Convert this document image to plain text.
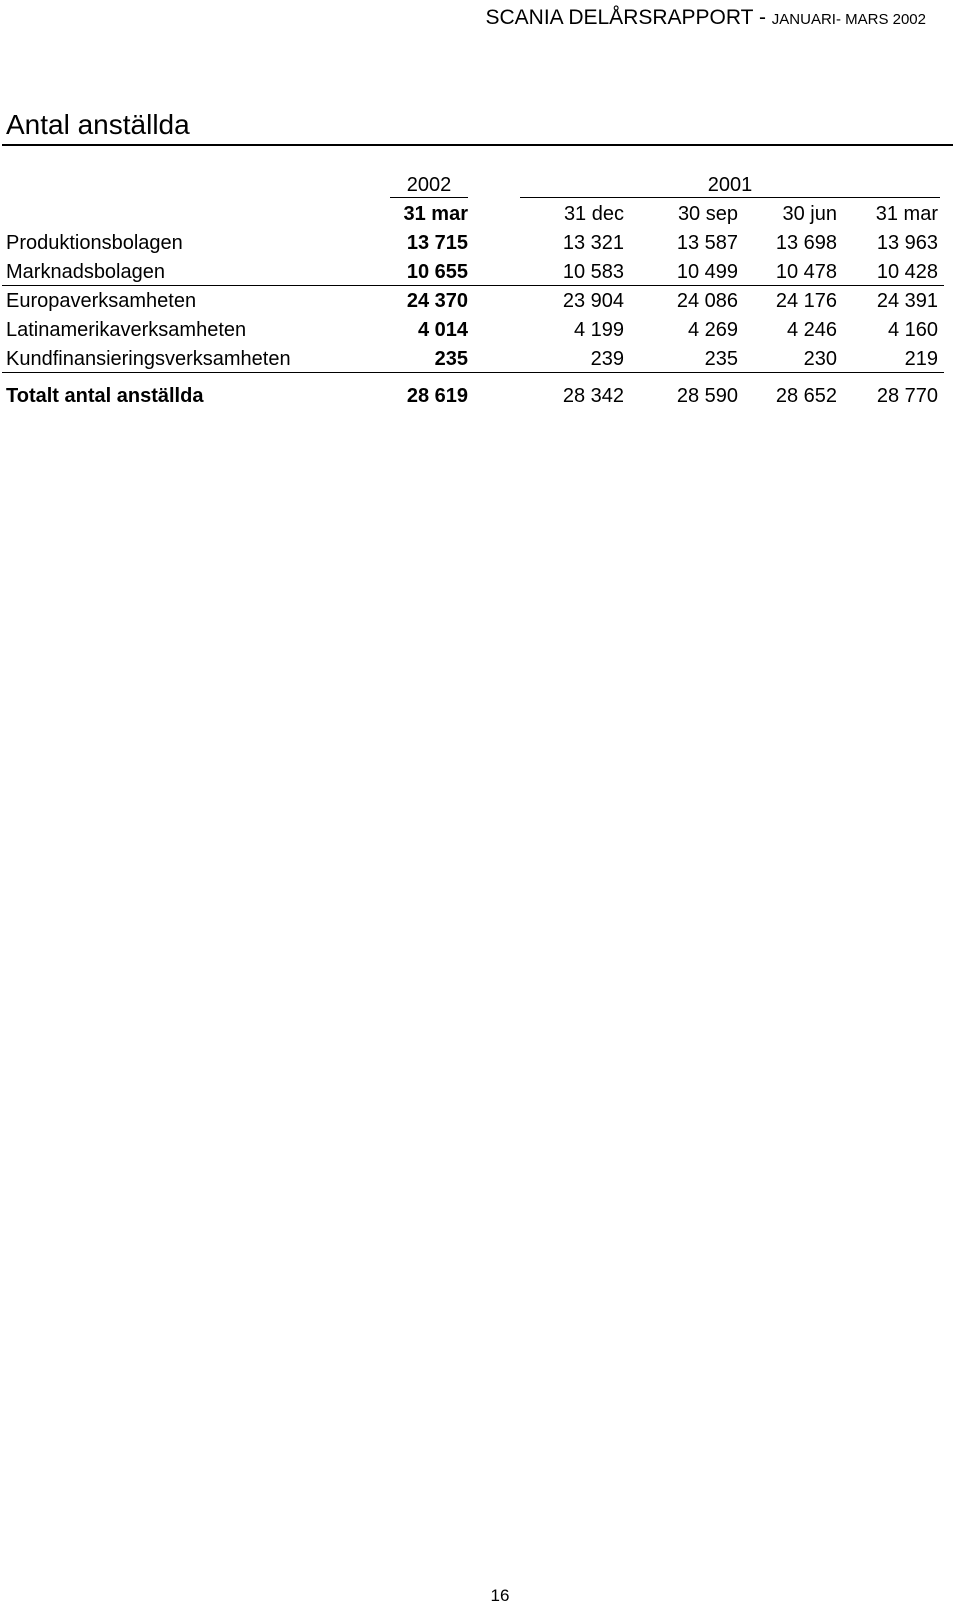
SCANIA DELÅRSRAPPORT - JANUARI- MARS 2002
Antal anställda
2002	2001
31 mar	31 dec	30 sep	30 jun	31 mar
Produktionsbolagen	13 715	13 321	13 587	13 698	13 963
Marknadsbolagen	10 655	10 583	10 499	10 478	10 428
Europaverksamheten	24 370	23 904	24 086	24 176	24 391
Latinamerikaverksamheten	4 014	4 199	4 269	4 246	4 160
Kundfinansieringsverksamheten	235	239	235	230	219
Totalt antal anställda	28 619	28 342	28 590	28 652	28 770
16
